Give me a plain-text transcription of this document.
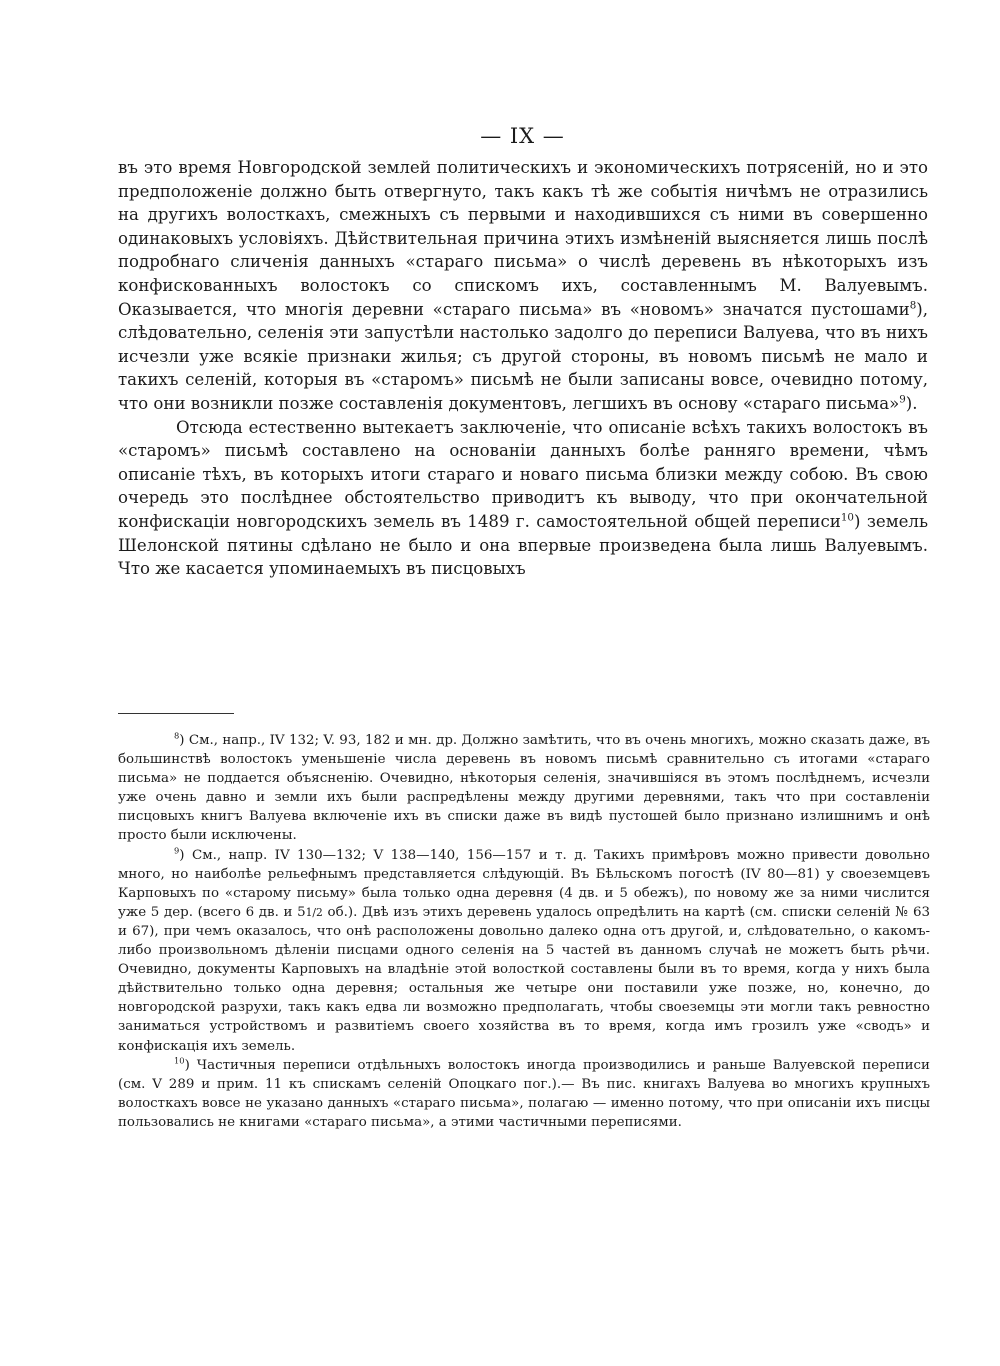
— IX —

въ это время Новгородской землей политическихъ и экономическихъ потрясеній, но и это предположеніе должно быть отвергнуто, такъ какъ тѣ же событія ничѣмъ не отразились на другихъ волосткахъ, смежныхъ съ первыми и находившихся съ ними въ совершенно одинаковыхъ условіяхъ. Дѣйствительная причина этихъ измѣненій выясняется лишь послѣ подробнаго сличенія данныхъ «стараго письма» о числѣ деревень въ нѣкоторыхъ изъ конфискованныхъ волостокъ со спискомъ ихъ, составленнымъ М. Валуевымъ. Оказывается, что многія деревни «стараго письма» въ «новомъ» значатся пустошами$^8$), слѣдовательно, селенія эти запустѣли настолько задолго до переписи Валуева, что въ нихъ исчезли уже всякіе признаки жилья; съ другой стороны, въ новомъ письмѣ не мало и такихъ селеній, которыя въ «старомъ» письмѣ не были записаны вовсе, очевидно потому, что они возникли позже составленія документовъ, легшихъ въ основу «стараго письма»$^9$).

Отсюда естественно вытекаетъ заключеніе, что описаніе всѣхъ такихъ волостокъ въ «старомъ» письмѣ составлено на основаніи данныхъ болѣе ранняго времени, чѣмъ описаніе тѣхъ, въ которыхъ итоги стараго и новаго письма близки между собою. Въ свою очередь это послѣднее обстоятельство приводитъ къ выводу, что при окончательной конфискаціи новгородскихъ земель въ 1489 г. самостоятельной общей переписи$^{10}$) земель Шелонской пятины сдѣлано не было и она впервые произведена была лишь Валуевымъ. Что же касается упоминаемыхъ въ писцовыхъ

$^8$) См., напр., IV 132; V. 93, 182 и мн. др. Должно замѣтить, что въ очень многихъ, можно сказать даже, въ большинствѣ волостокъ уменьшеніе числа деревень въ новомъ письмѣ сравнительно съ итогами «стараго письма» не поддается объясненію. Очевидно, нѣкоторыя селенія, значившіяся въ этомъ послѣднемъ, исчезли уже очень давно и земли ихъ были распредѣлены между другими деревнями, такъ что при составленіи писцовыхъ книгъ Валуева включеніе ихъ въ списки даже въ видѣ пустошей было признано излишнимъ и онѣ просто были исключены.

$^9$) См., напр. IV 130—132; V 138—140, 156—157 и т. д. Такихъ примѣровъ можно привести довольно много, но наиболѣе рельефнымъ представляется слѣдующій. Въ Бѣльскомъ погостѣ (IV 80—81) у своеземцевъ Карповыхъ по «старому письму» была только одна деревня (4 дв. и 5 обежъ), по новому же за ними числится уже 5 дер. (всего 6 дв. и 51/2 об.). Двѣ изъ этихъ деревень удалось опредѣлить на картѣ (см. списки селеній № 63 и 67), при чемъ оказалось, что онѣ расположены довольно далеко одна отъ другой, и, слѣдовательно, о какомъ-либо произвольномъ дѣленіи писцами одного селенія на 5 частей въ данномъ случаѣ не можетъ быть рѣчи. Очевидно, документы Карповыхъ на владѣніе этой волосткой составлены были въ то время, когда у нихъ была дѣйствительно только одна деревня; остальныя же четыре они поставили уже позже, но, конечно, до новгородской разрухи, такъ какъ едва ли возможно предполагать, чтобы своеземцы эти могли такъ ревностно заниматься устройствомъ и развитіемъ своего хозяйства въ то время, когда имъ грозилъ уже «сводъ» и конфискація ихъ земель.

$^{10}$) Частичныя переписи отдѣльныхъ волостокъ иногда производились и раньше Валуевской переписи (см. V 289 и прим. 11 къ спискамъ селеній Опоцкаго пог.).— Въ пис. книгахъ Валуева во многихъ крупныхъ волосткахъ вовсе не указано данныхъ «стараго письма», полагаю — именно потому, что при описаніи ихъ писцы пользовались не книгами «стараго письма», а этими частичными переписями.
